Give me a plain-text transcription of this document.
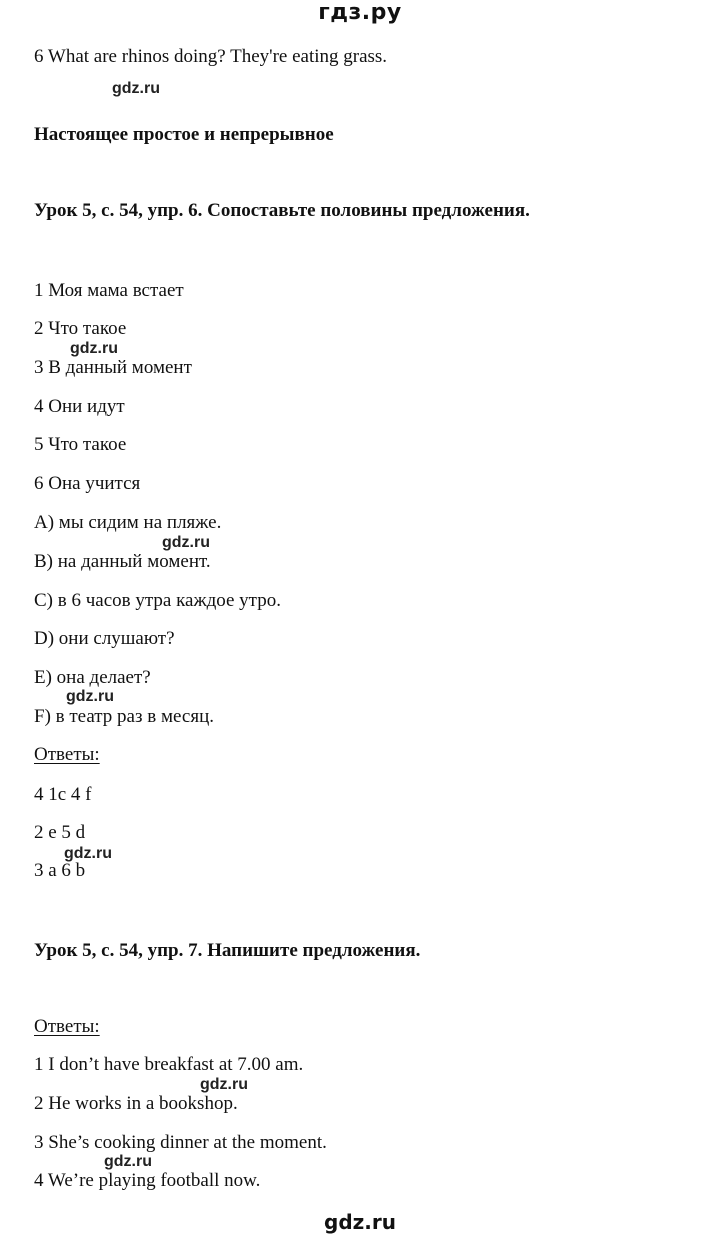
гдз.ру
6 What are rhinos doing? They're eating grass.
gdz.ru
Настоящее простое и непрерывное
Урок 5, с. 54, упр. 6. Сопоставьте половины предложения.
1 Моя мама встает
2 Что такое
gdz.ru
3 В данный момент
4 Они идут
5 Что такое
6 Она учится
A) мы сидим на пляже.
gdz.ru
B) на данный момент.
C) в 6 часов утра каждое утро.
D) они слушают?
E) она делает?
gdz.ru
F) в театр раз в месяц.
Ответы:
4 1c 4 f
2 e 5 d
gdz.ru
3 a 6 b
Урок 5, с. 54, упр. 7. Напишите предложения.
Ответы:
1 I don’t have breakfast at 7.00 am.
gdz.ru
2 He works in a bookshop.
3 She’s cooking dinner at the moment.
gdz.ru
4 We’re playing football now.
gdz.ru
